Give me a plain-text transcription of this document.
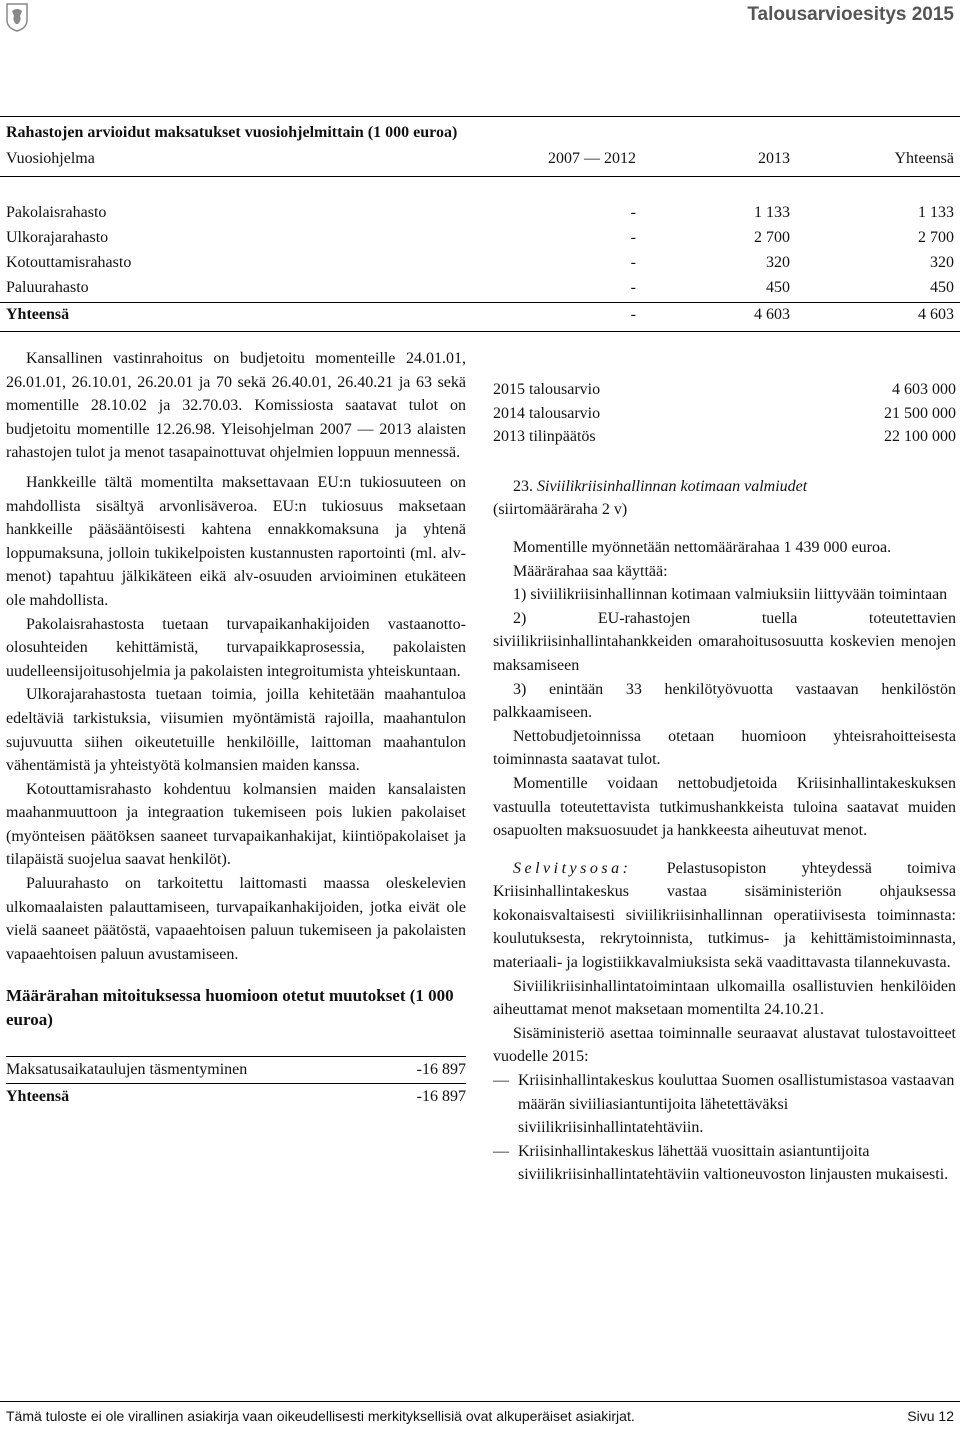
Talousarvioesitys 2015
Rahastojen arvioidut maksatukset vuosiohjelmittain (1 000 euroa)
Vuosiohjelma	2007 — 2012	2013	Yhteensä
Pakolaisrahasto	-	1 133	1 133
Ulkorajarahasto	-	2 700	2 700
Kotouttamisrahasto	-	320	320
Paluurahasto	-	450	450
Yhteensä	-	4 603	4 603

Kansallinen vastinrahoitus on budjetoitu momenteille 24.01.01, 26.01.01, 26.10.01, 26.20.01 ja 70 sekä 26.40.01, 26.40.21 ja 63 sekä momentille 28.10.02 ja 32.70.03. Komissiosta saatavat tulot on budjetoitu momentille 12.26.98. Yleisohjelman 2007 — 2013 alaisten rahastojen tulot ja menot tasapainottuvat ohjelmien loppuun mennessä.

Hankkeille tältä momentilta maksettavaan EU:n tukiosuuteen on mahdollista sisältyä arvonlisäveroa. EU:n tukiosuus maksetaan hankkeille pääsääntöisesti kahtena ennakkomaksuna ja yhtenä loppumaksuna, jolloin tukikelpoisten kustannusten raportointi (ml. alv-menot) tapahtuu jälkikäteen eikä alv-osuuden arvioiminen etukäteen ole mahdollista.

Pakolaisrahastosta tuetaan turvapaikanhakijoiden vastaanotto-olosuhteiden kehittämistä, turvapaikkaprosessia, pakolaisten uudelleensijoitusohjelmia ja pakolaisten integroitumista yhteiskuntaan.

Ulkorajarahastosta tuetaan toimia, joilla kehitetään maahantuloa edeltäviä tarkistuksia, viisumien myöntämistä rajoilla, maahantulon sujuvuutta siihen oikeutetuille henkilöille, laittoman maahantulon vähentämistä ja yhteistyötä kolmansien maiden kanssa.

Kotouttamisrahasto kohdentuu kolmansien maiden kansalaisten maahanmuuttoon ja integraation tukemiseen pois lukien pakolaiset (myönteisen päätöksen saaneet turvapaikanhakijat, kiintiöpakolaiset ja tilapäistä suojelua saavat henkilöt).

Paluurahasto on tarkoitettu laittomasti maassa oleskelevien ulkomaalaisten palauttamiseen, turvapaikanhakijoiden, jotka eivät ole vielä saaneet päätöstä, vapaaehtoisen paluun tukemiseen ja pakolaisten vapaaehtoisen paluun avustamiseen.

Määrärahan mitoituksessa huomioon otetut muutokset (1 000 euroa)
Maksatusaikataulujen täsmentyminen	-16 897
Yhteensä	-16 897
2015 talousarvio	4 603 000
2014 talousarvio	21 500 000
2013 tilinpäätös	22 100 000
23. Siviilikriisinhallinnan kotimaan valmiudet

(siirtomääräraha 2 v)

Momentille myönnetään nettomäärärahaa 1 439 000 euroa.

Määrärahaa saa käyttää:

1) siviilikriisinhallinnan kotimaan valmiuksiin liittyvään toimintaan

2) EU-rahastojen tuella toteutettavien siviilikriisinhallintahankkeiden omarahoitusosuutta koskevien menojen maksamiseen

3) enintään 33 henkilötyövuotta vastaavan henkilöstön palkkaamiseen.

Nettobudjetoinnissa otetaan huomioon yhteisrahoitteisesta toiminnasta saatavat tulot.

Momentille voidaan nettobudjetoida Kriisinhallintakeskuksen vastuulla toteutettavista tutkimushankkeista tuloina saatavat muiden osapuolten maksuosuudet ja hankkeesta aiheutuvat menot.

Selvitysosa: Pelastusopiston yhteydessä toimiva Kriisinhallintakeskus vastaa sisäministeriön ohjauksessa kokonaisvaltaisesti siviilikriisinhallinnan operatiivisesta toiminnasta: koulutuksesta, rekrytoinnista, tutkimus- ja kehittämistoiminnasta, materiaali- ja logistiikkavalmiuksista sekä vaadittavasta tilannekuvasta.

Siviilikriisinhallintatoimintaan ulkomailla osallistuvien henkilöiden aiheuttamat menot maksetaan momentilta 24.10.21.

Sisäministeriö asettaa toiminnalle seuraavat alustavat tulostavoitteet vuodelle 2015:

— Kriisinhallintakeskus kouluttaa Suomen osallistumistasoa vastaavan määrän siviiliasiantuntijoita lähetettäväksi siviilikriisinhallintatehtäviin.
— Kriisinhallintakeskus lähettää vuosittain asiantuntijoita siviilikriisinhallintatehtäviin valtioneuvoston linjausten mukaisesti.
Tämä tuloste ei ole virallinen asiakirja vaan oikeudellisesti merkityksellisiä ovat alkuperäiset asiakirjat.	Sivu 12
